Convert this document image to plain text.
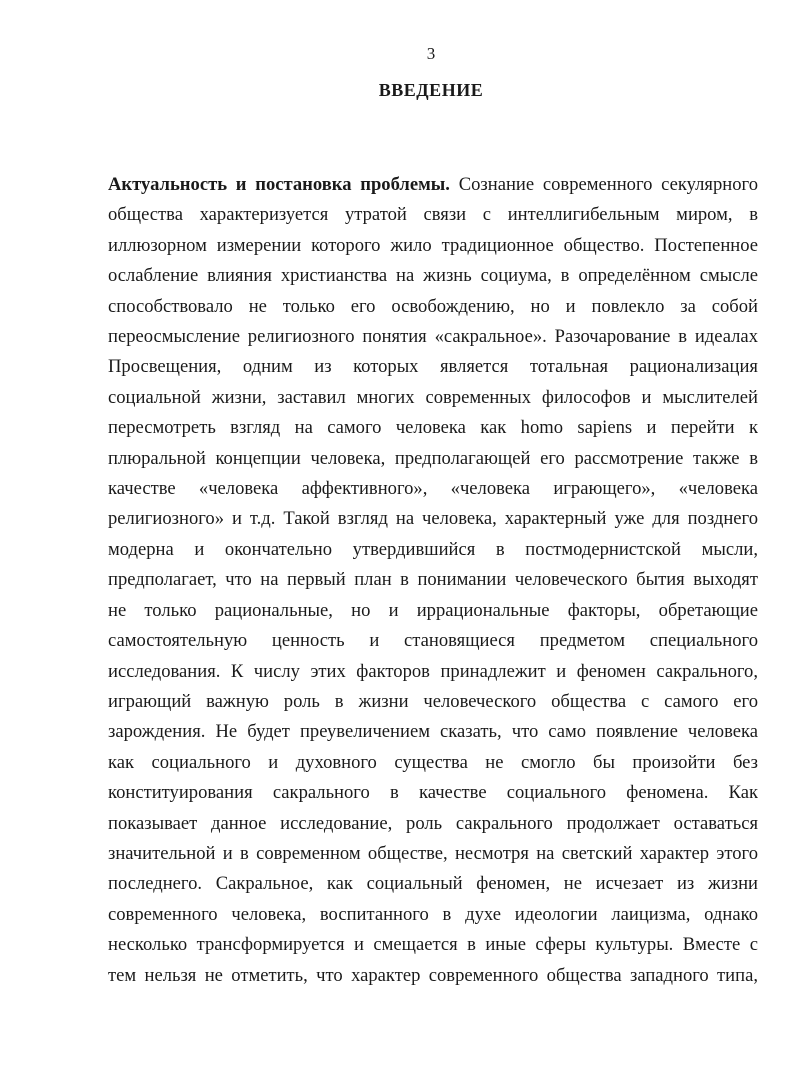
3
ВВЕДЕНИЕ
Актуальность и постановка проблемы. Сознание современного секулярного
общества характеризуется утратой связи с интеллигибельным миром, в
иллюзорном измерении которого жило традиционное общество. Постепенное
ослабление влияния христианства на жизнь социума, в определённом смысле
способствовало не только его освобождению, но и повлекло за собой
переосмысление религиозного понятия «сакральное». Разочарование в идеалах
Просвещения, одним из которых является тотальная рационализация
социальной жизни, заставил многих современных философов и мыслителей
пересмотреть взгляд на самого человека как homo sapiens и перейти к
плюральной концепции человека, предполагающей его рассмотрение также в
качестве «человека аффективного», «человека играющего», «человека
религиозного» и т.д. Такой взгляд на человека, характерный уже для позднего
модерна и окончательно утвердившийся в постмодернистской мысли,
предполагает, что на первый план в понимании человеческого бытия выходят
не только рациональные, но и иррациональные факторы, обретающие
самостоятельную ценность и становящиеся предметом специального
исследования. К числу этих факторов принадлежит и феномен сакрального,
играющий важную роль в жизни человеческого общества с самого его
зарождения. Не будет преувеличением сказать, что само появление человека
как социального и духовного существа не смогло бы произойти без
конституирования сакрального в качестве социального феномена. Как
показывает данное исследование, роль сакрального продолжает оставаться
значительной и в современном обществе, несмотря на светский характер этого
последнего. Сакральное, как социальный феномен, не исчезает из жизни
современного человека, воспитанного в духе идеологии лаицизма, однако
несколько трансформируется и смещается в иные сферы культуры. Вместе с
тем нельзя не отметить, что характер современного общества западного типа,
